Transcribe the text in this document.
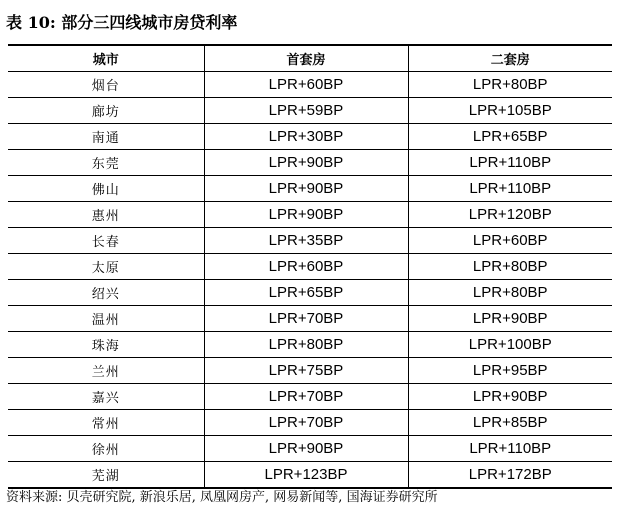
表 10: 部分三四线城市房贷利率
城市	首套房	二套房
烟台	LPR+60BP	LPR+80BP
廊坊	LPR+59BP	LPR+105BP
南通	LPR+30BP	LPR+65BP
东莞	LPR+90BP	LPR+110BP
佛山	LPR+90BP	LPR+110BP
惠州	LPR+90BP	LPR+120BP
长春	LPR+35BP	LPR+60BP
太原	LPR+60BP	LPR+80BP
绍兴	LPR+65BP	LPR+80BP
温州	LPR+70BP	LPR+90BP
珠海	LPR+80BP	LPR+100BP
兰州	LPR+75BP	LPR+95BP
嘉兴	LPR+70BP	LPR+90BP
常州	LPR+70BP	LPR+85BP
徐州	LPR+90BP	LPR+110BP
芜湖	LPR+123BP	LPR+172BP
资料来源: 贝壳研究院, 新浪乐居, 凤凰网房产, 网易新闻等, 国海证券研究所
